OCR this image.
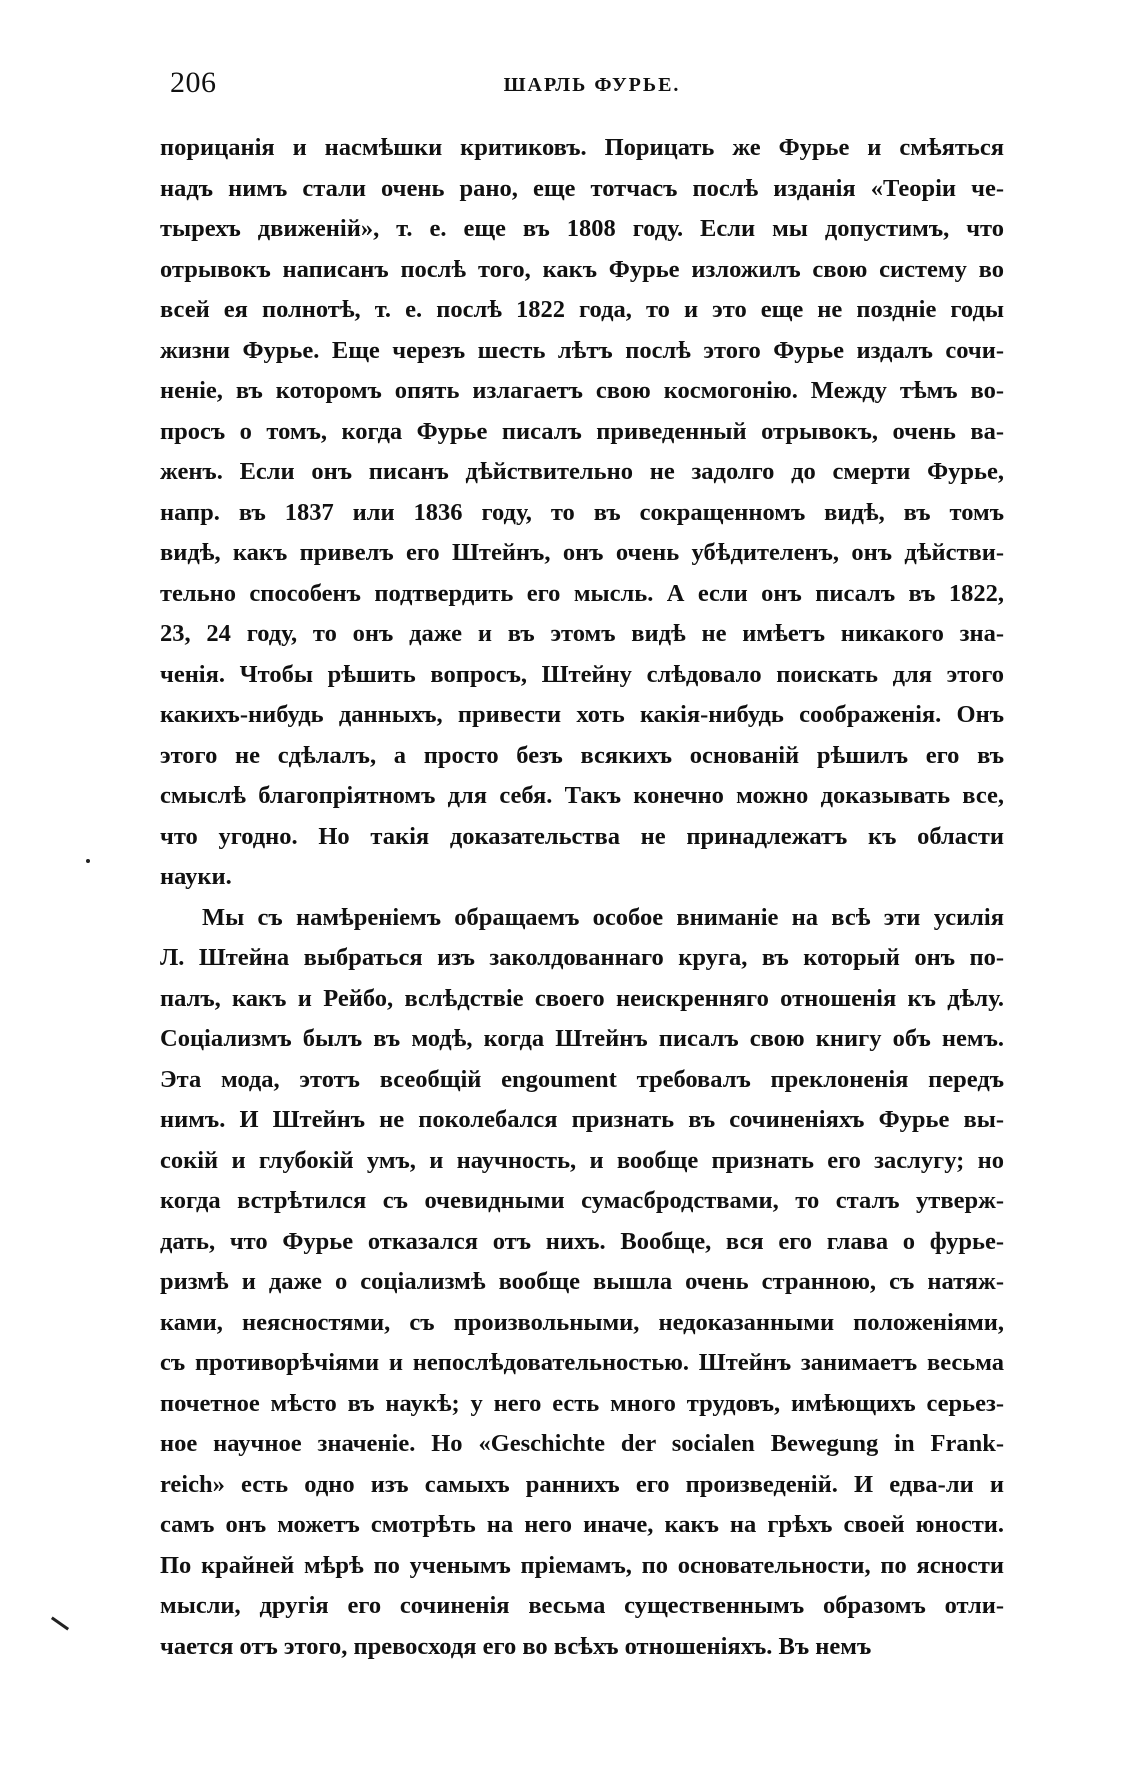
206	ШАРЛЬ ФУРЬЕ.
порицанія и насмѣшки критиковъ. Порицать же Фурье и смѣяться
надъ нимъ стали очень рано, еще тотчасъ послѣ изданія «Теоріи че-
тырехъ движеній», т. е. еще въ 1808 году. Если мы допустимъ, что
отрывокъ написанъ послѣ того, какъ Фурье изложилъ свою систему во
всей ея полнотѣ, т. е. послѣ 1822 года, то и это еще не поздніе годы
жизни Фурье. Еще черезъ шесть лѣтъ послѣ этого Фурье издалъ сочи-
неніе, въ которомъ опять излагаетъ свою космогонію. Между тѣмъ во-
просъ о томъ, когда Фурье писалъ приведенный отрывокъ, очень ва-
женъ. Если онъ писанъ дѣйствительно не задолго до смерти Фурье,
напр. въ 1837 или 1836 году, то въ сокращенномъ видѣ, въ томъ
видѣ, какъ привелъ его Штейнъ, онъ очень убѣдителенъ, онъ дѣйстви-
тельно способенъ подтвердить его мысль. А если онъ писалъ въ 1822,
23, 24 году, то онъ даже и въ этомъ видѣ не имѣетъ никакого зна-
ченія. Чтобы рѣшить вопросъ, Штейну слѣдовало поискать для этого
какихъ-нибудь данныхъ, привести хоть какія-нибудь соображенія. Онъ
этого не сдѣлалъ, а просто безъ всякихъ основаній рѣшилъ его въ
смыслѣ благопріятномъ для себя. Такъ конечно можно доказывать все,
что угодно. Но такія доказательства не принадлежатъ къ области
науки.
Мы съ намѣреніемъ обращаемъ особое вниманіе на всѣ эти усилія
Л. Штейна выбраться изъ заколдованнаго круга, въ который онъ по-
палъ, какъ и Рейбо, вслѣдствіе своего неискренняго отношенія къ дѣлу.
Соціализмъ былъ въ модѣ, когда Штейнъ писалъ свою книгу объ немъ.
Эта мода, этотъ всеобщій engoument требовалъ преклоненія передъ
нимъ. И Штейнъ не поколебался признать въ сочиненіяхъ Фурье вы-
сокій и глубокій умъ, и научность, и вообще признать его заслугу; но
когда встрѣтился съ очевидными сумасбродствами, то сталъ утверж-
дать, что Фурье отказался отъ нихъ. Вообще, вся его глава о фурье-
ризмѣ и даже о соціализмѣ вообще вышла очень странною, съ натяж-
ками, неясностями, съ произвольными, недоказанными положеніями,
съ противорѣчіями и непослѣдовательностью. Штейнъ занимаетъ весьма
почетное мѣсто въ наукѣ; у него есть много трудовъ, имѣющихъ серьез-
ное научное значеніе. Но «Geschichte der socialen Bewegung in Frank-
reich» есть одно изъ самыхъ раннихъ его произведеній. И едва-ли и
самъ онъ можетъ смотрѣть на него иначе, какъ на грѣхъ своей юности.
По крайней мѣрѣ по ученымъ пріемамъ, по основательности, по ясности
мысли, другія его сочиненія весьма существеннымъ образомъ отли-
чается отъ этого, превосходя его во всѣхъ отношеніяхъ. Въ немъ
